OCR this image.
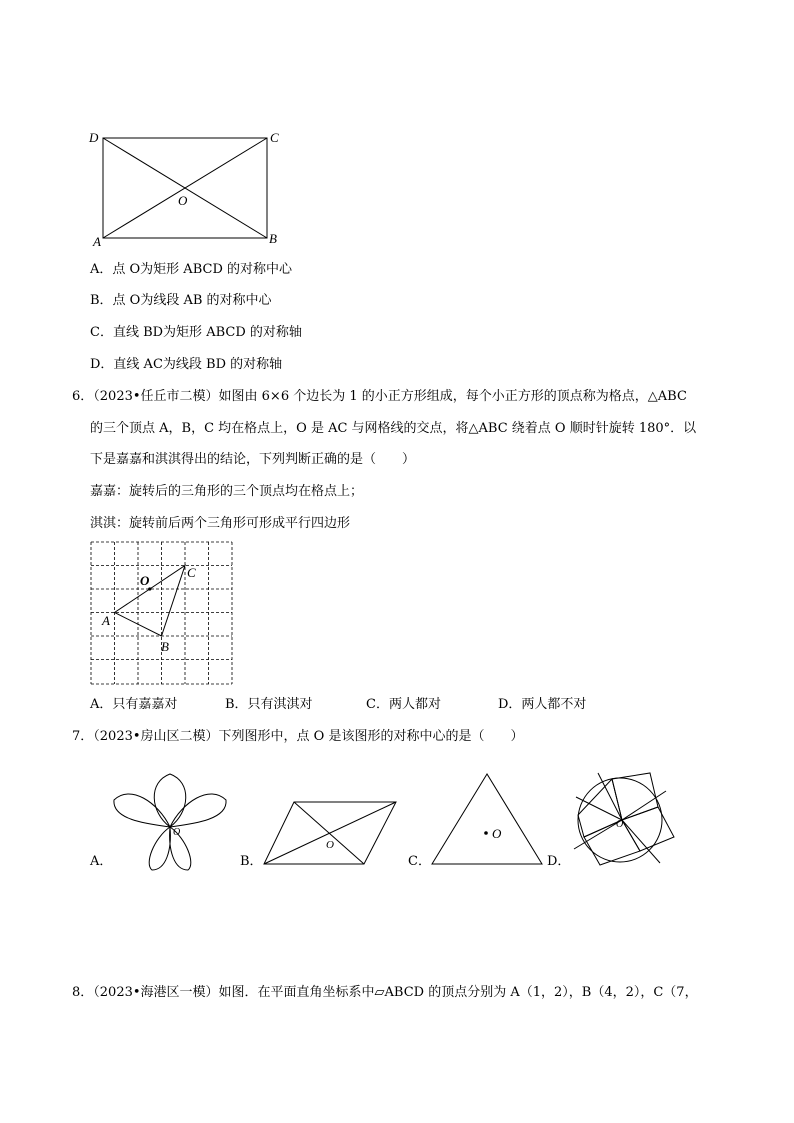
D	C
A	B
O
A．点 O为矩形 ABCD 的对称中心
B．点 O为线段 AB 的对称中心
C．直线 BD为矩形 ABCD 的对称轴
D．直线 AC为线段 BD 的对称轴
6．（2023•任丘市二模）如图由 6×6 个边长为 1 的小正方形组成，每个小正方形的顶点称为格点，△ABC
的三个顶点 A，B，C 均在格点上，O 是 AC 与网格线的交点，将△ABC 绕着点 O 顺时针旋转 180°．以
下是嘉嘉和淇淇得出的结论，下列判断正确的是（　　）
嘉嘉：旋转后的三角形的三个顶点均在格点上；
淇淇：旋转前后两个三角形可形成平行四边形
O
C
A
B
A．只有嘉嘉对	B．只有淇淇对	C．两人都对	D．两人都不对
7．（2023•房山区二模）下列图形中，点 O 是该图形的对称中心的是（　　）
A．
O
B．
O
C．
O
D．
O
8．（2023•海港区一模）如图．在平面直角坐标系中▱ABCD 的顶点分别为 A（1，2），B（4，2），C（7，
